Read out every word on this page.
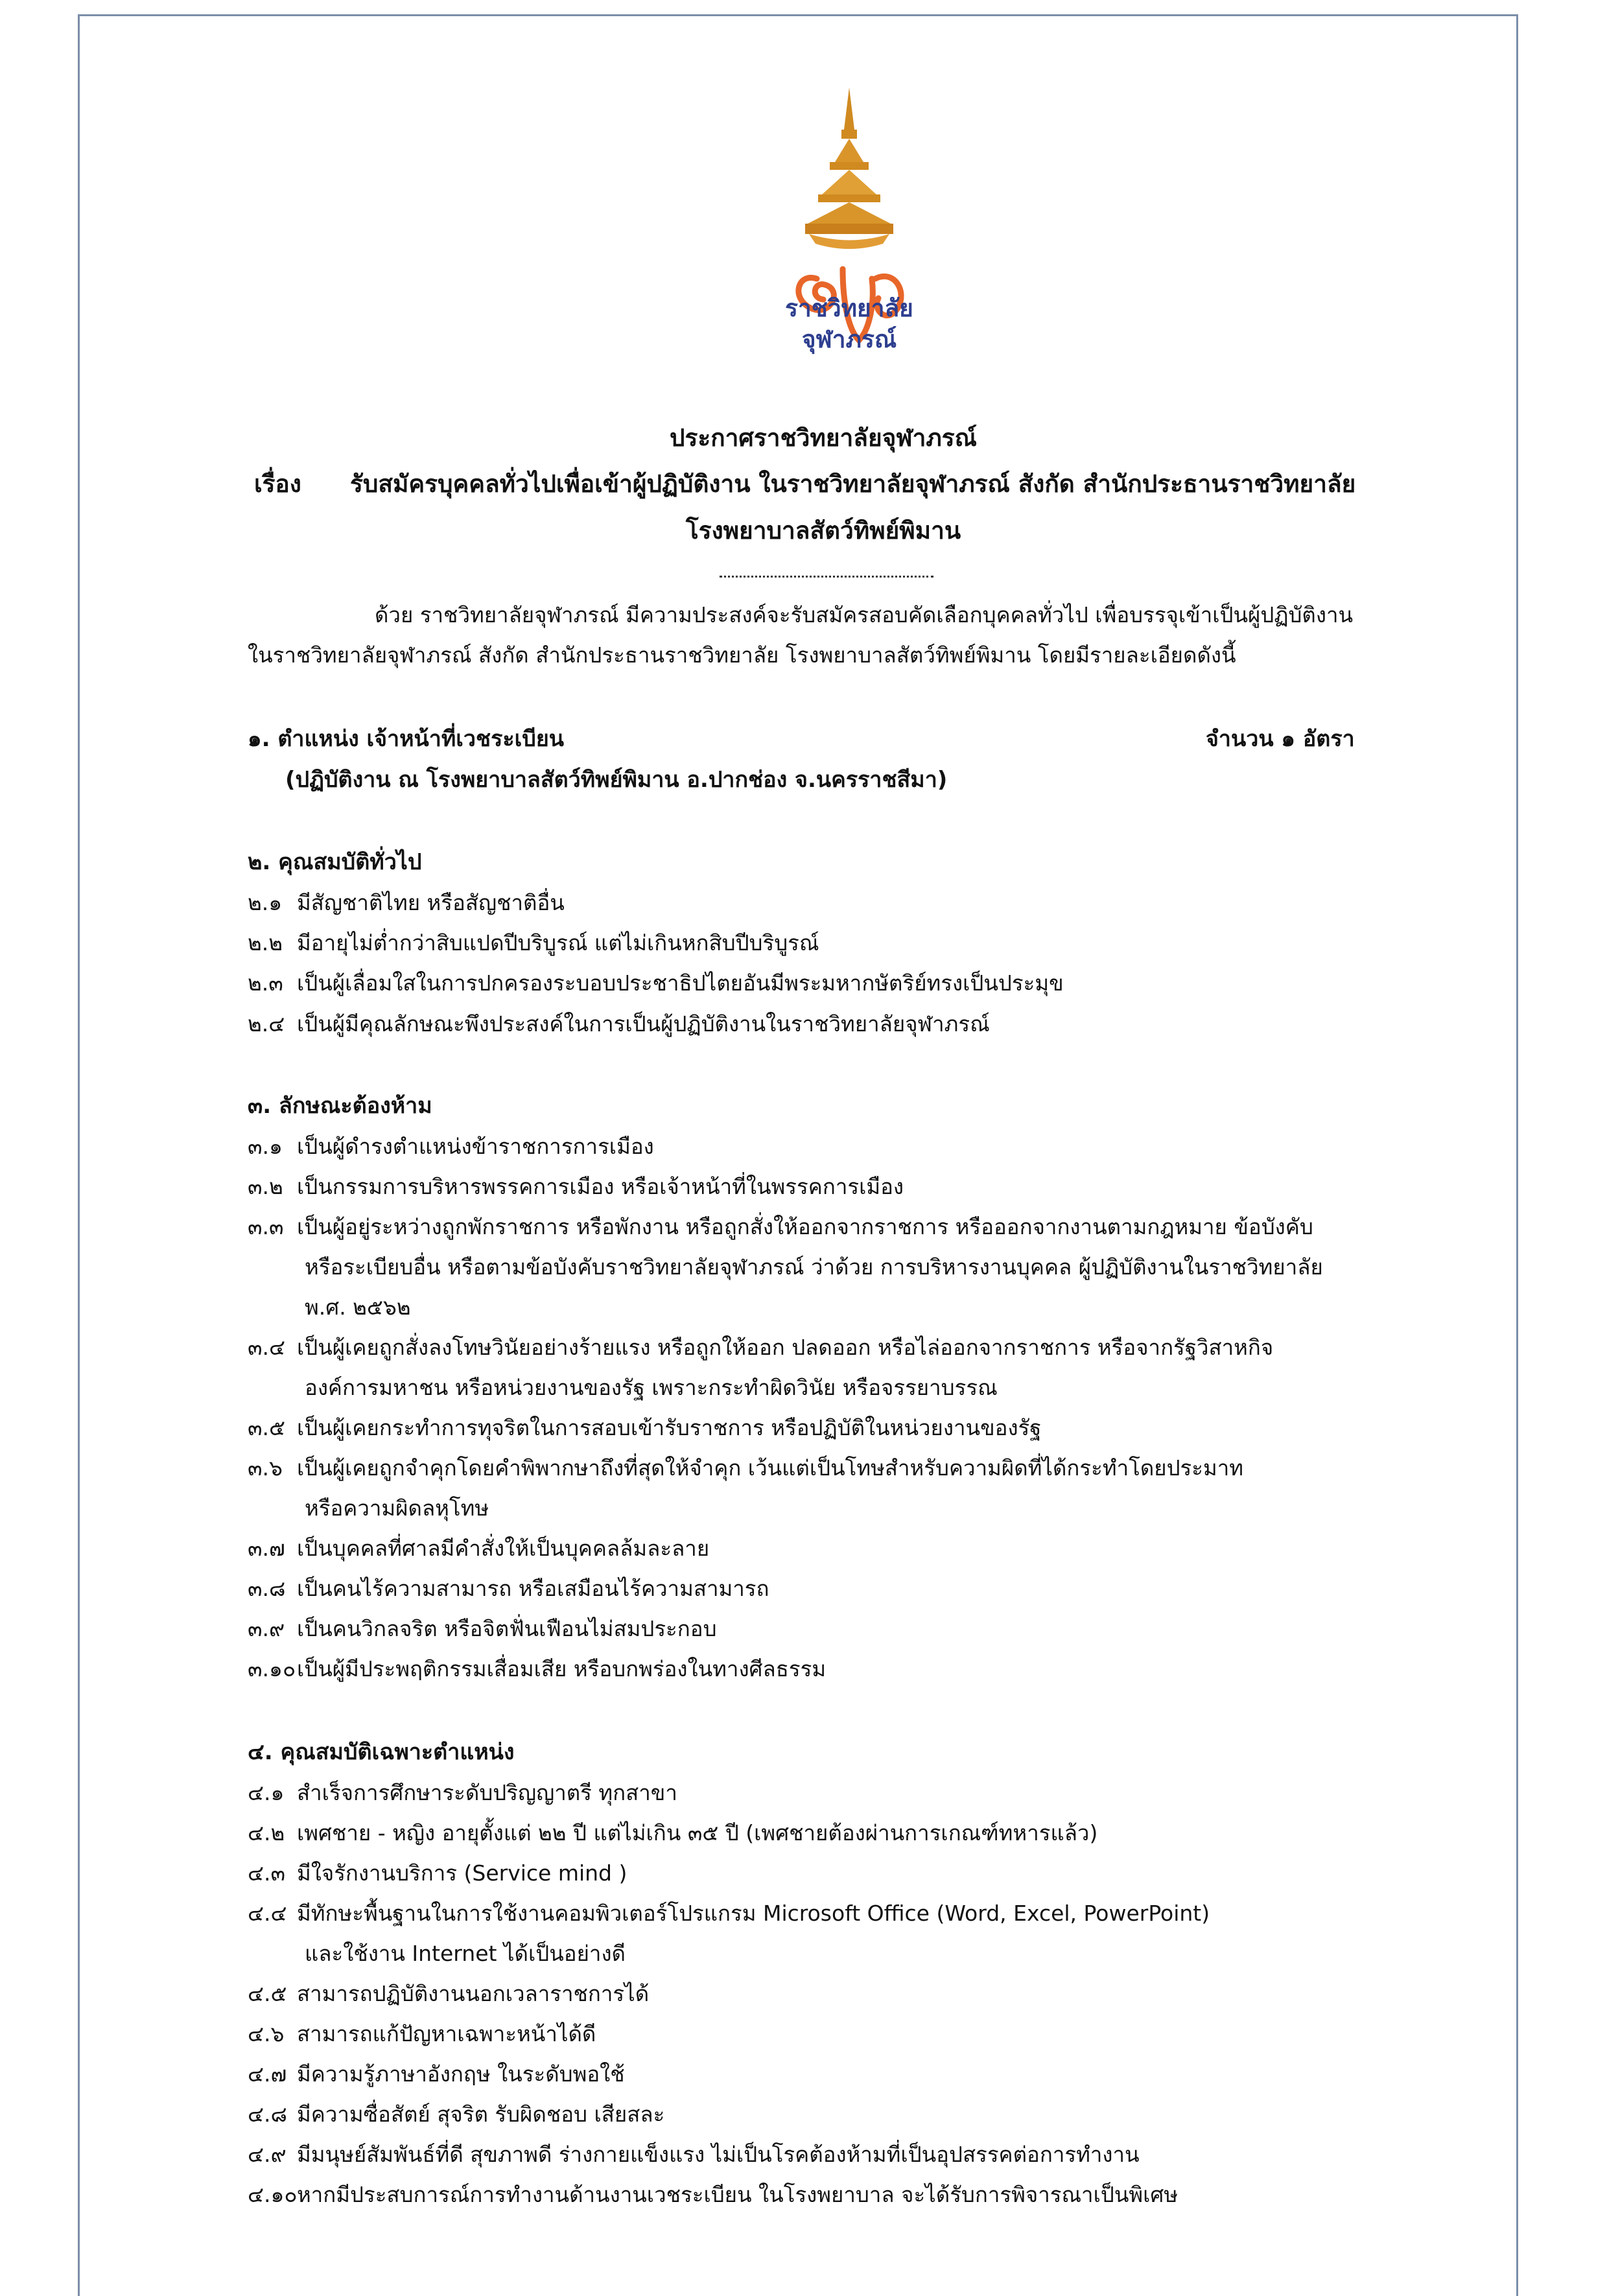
ราชวิทยาลัย
จุฬาภรณ์
ประกาศราชวิทยาลัยจุฬาภรณ์
เรื่อง รับสมัครบุคคลทั่วไปเพื่อเข้าผู้ปฏิบัติงาน ในราชวิทยาลัยจุฬาภรณ์ สังกัด สำนักประธานราชวิทยาลัย
โรงพยาบาลสัตว์ทิพย์พิมาน
ด้วย ราชวิทยาลัยจุฬาภรณ์ มีความประสงค์จะรับสมัครสอบคัดเลือกบุคคลทั่วไป เพื่อบรรจุเข้าเป็นผู้ปฏิบัติงาน
ในราชวิทยาลัยจุฬาภรณ์ สังกัด สำนักประธานราชวิทยาลัย โรงพยาบาลสัตว์ทิพย์พิมาน โดยมีรายละเอียดดังนี้
๑. ตำแหน่ง เจ้าหน้าที่เวชระเบียน	จำนวน ๑ อัตรา
(ปฏิบัติงาน ณ โรงพยาบาลสัตว์ทิพย์พิมาน อ.ปากช่อง จ.นครราชสีมา)
๒. คุณสมบัติทั่วไป
๒.๑ มีสัญชาติไทย หรือสัญชาติอื่น
๒.๒ มีอายุไม่ต่ำกว่าสิบแปดปีบริบูรณ์ แต่ไม่เกินหกสิบปีบริบูรณ์
๒.๓ เป็นผู้เลื่อมใสในการปกครองระบอบประชาธิปไตยอันมีพระมหากษัตริย์ทรงเป็นประมุข
๒.๔ เป็นผู้มีคุณลักษณะพึงประสงค์ในการเป็นผู้ปฏิบัติงานในราชวิทยาลัยจุฬาภรณ์
๓. ลักษณะต้องห้าม
๓.๑ เป็นผู้ดำรงตำแหน่งข้าราชการการเมือง
๓.๒ เป็นกรรมการบริหารพรรคการเมือง หรือเจ้าหน้าที่ในพรรคการเมือง
๓.๓ เป็นผู้อยู่ระหว่างถูกพักราชการ หรือพักงาน หรือถูกสั่งให้ออกจากราชการ หรือออกจากงานตามกฎหมาย ข้อบังคับ
หรือระเบียบอื่น หรือตามข้อบังคับราชวิทยาลัยจุฬาภรณ์ ว่าด้วย การบริหารงานบุคคล ผู้ปฏิบัติงานในราชวิทยาลัย
พ.ศ. ๒๕๖๒
๓.๔ เป็นผู้เคยถูกสั่งลงโทษวินัยอย่างร้ายแรง หรือถูกให้ออก ปลดออก หรือไล่ออกจากราชการ หรือจากรัฐวิสาหกิจ
องค์การมหาชน หรือหน่วยงานของรัฐ เพราะกระทำผิดวินัย หรือจรรยาบรรณ
๓.๕ เป็นผู้เคยกระทำการทุจริตในการสอบเข้ารับราชการ หรือปฏิบัติในหน่วยงานของรัฐ
๓.๖ เป็นผู้เคยถูกจำคุกโดยคำพิพากษาถึงที่สุดให้จำคุก เว้นแต่เป็นโทษสำหรับความผิดที่ได้กระทำโดยประมาท
หรือความผิดลหุโทษ
๓.๗ เป็นบุคคลที่ศาลมีคำสั่งให้เป็นบุคคลล้มละลาย
๓.๘ เป็นคนไร้ความสามารถ หรือเสมือนไร้ความสามารถ
๓.๙ เป็นคนวิกลจริต หรือจิตฟั่นเฟือนไม่สมประกอบ
๓.๑๐เป็นผู้มีประพฤติกรรมเสื่อมเสีย หรือบกพร่องในทางศีลธรรม
๔. คุณสมบัติเฉพาะตำแหน่ง
๔.๑ สำเร็จการศึกษาระดับปริญญาตรี ทุกสาขา
๔.๒ เพศชาย - หญิง อายุตั้งแต่ ๒๒ ปี แต่ไม่เกิน ๓๕ ปี (เพศชายต้องผ่านการเกณฑ์ทหารแล้ว)
๔.๓ มีใจรักงานบริการ (Service mind )
๔.๔ มีทักษะพื้นฐานในการใช้งานคอมพิวเตอร์โปรแกรม Microsoft Office (Word, Excel, PowerPoint)
และใช้งาน Internet ได้เป็นอย่างดี
๔.๕ สามารถปฏิบัติงานนอกเวลาราชการได้
๔.๖ สามารถแก้ปัญหาเฉพาะหน้าได้ดี
๔.๗ มีความรู้ภาษาอังกฤษ ในระดับพอใช้
๔.๘ มีความซื่อสัตย์ สุจริต รับผิดชอบ เสียสละ
๔.๙ มีมนุษย์สัมพันธ์ที่ดี สุขภาพดี ร่างกายแข็งแรง ไม่เป็นโรคต้องห้ามที่เป็นอุปสรรคต่อการทำงาน
๔.๑๐หากมีประสบการณ์การทำงานด้านงานเวชระเบียน ในโรงพยาบาล จะได้รับการพิจารณาเป็นพิเศษ
